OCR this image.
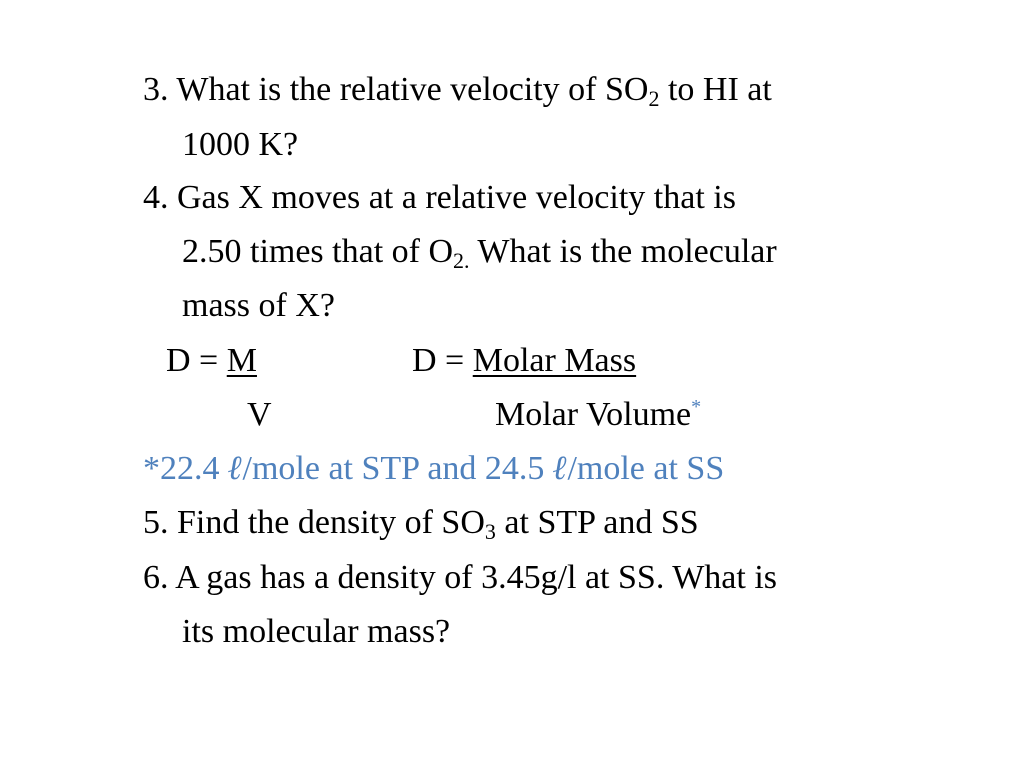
3. What is the relative velocity of $SO_2$ to HI at
1000 K?
4. Gas X moves at a relative velocity that is
2.50 times that of $O_{2.}$ What is the molecular
mass of X?
D = M
V
D = Molar Mass
Molar Volume*
*22.4 ℓ/mole at STP and 24.5 ℓ/mole at SS
5. Find the density of $SO_3$ at STP and SS
6. A gas has a density of 3.45g/l at SS. What is
its molecular mass?
